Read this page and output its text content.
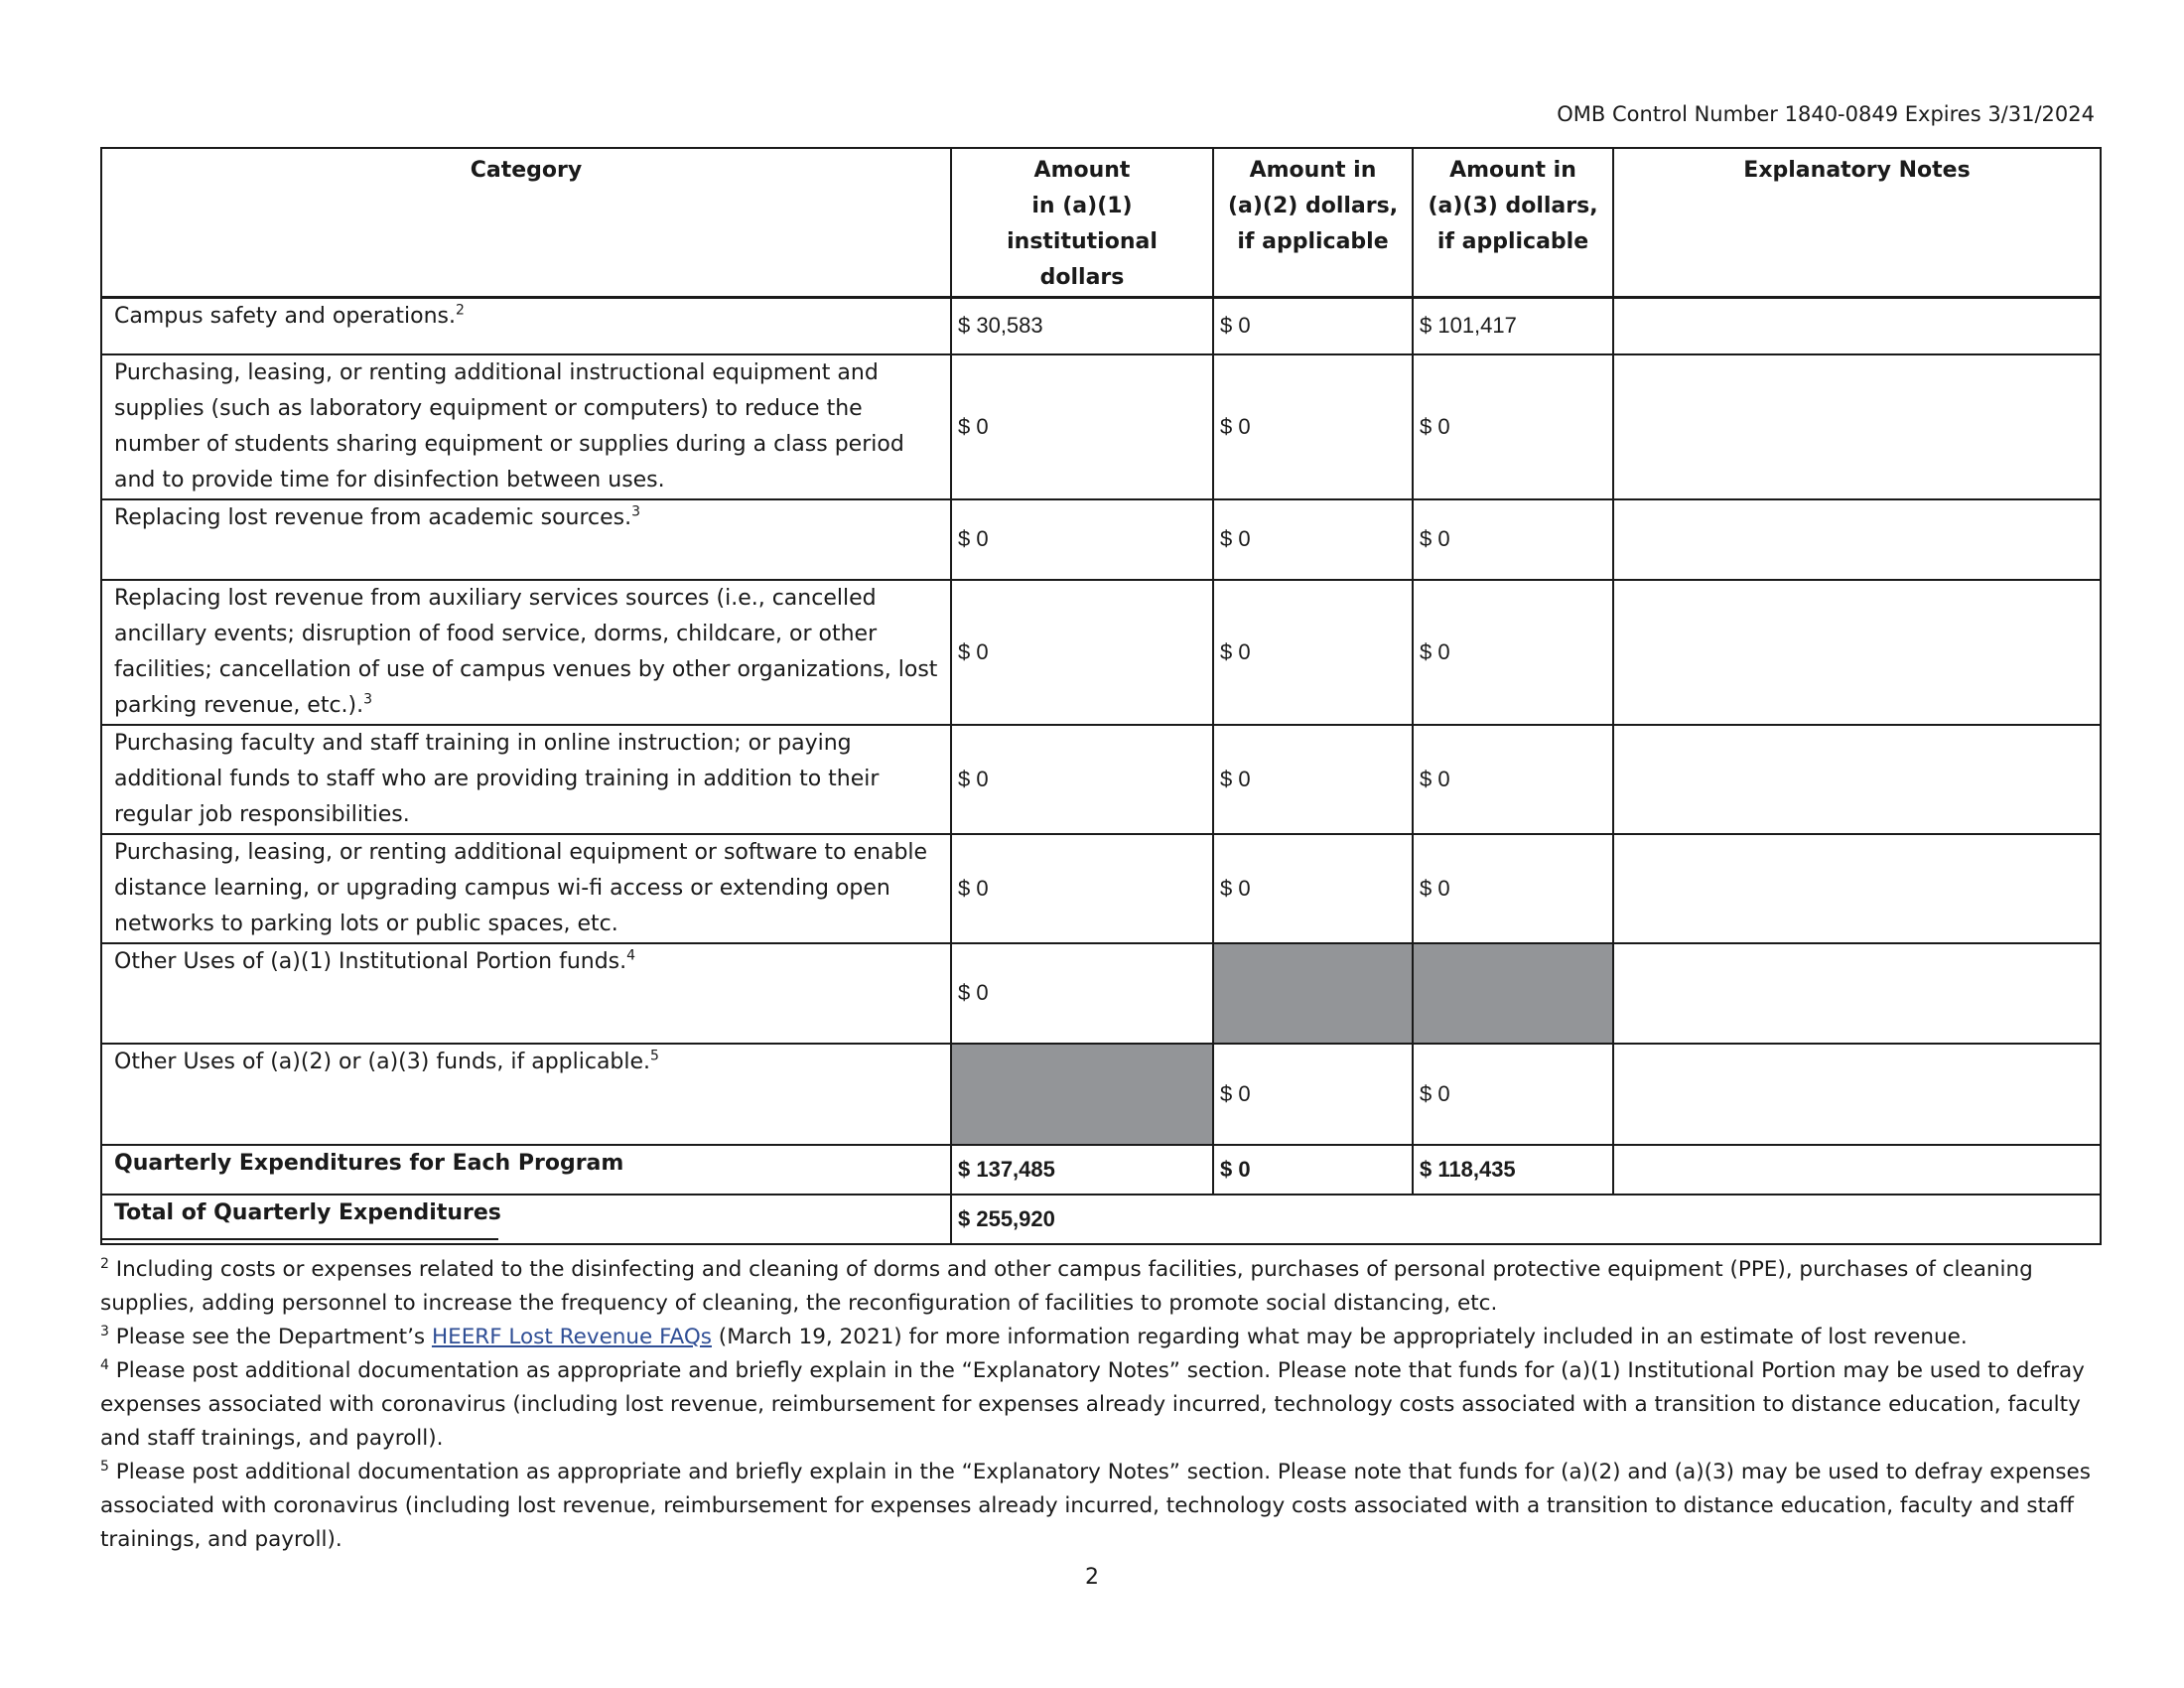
OMB Control Number 1840-0849 Expires 3/31/2024
Category	Amount
in (a)(1)
institutional dollars	Amount in
(a)(2) dollars,
if applicable	Amount in
(a)(3) dollars,
if applicable	Explanatory Notes
Campus safety and operations.$^2$	$ 30,583	$ 0	$ 101,417	
Purchasing, leasing, or renting additional instructional equipment and supplies (such as laboratory equipment or computers) to reduce the number of students sharing equipment or supplies during a class period and to provide time for disinfection between uses.	$ 0	$ 0	$ 0	
Replacing lost revenue from academic sources.$^3$	$ 0	$ 0	$ 0	
Replacing lost revenue from auxiliary services sources (i.e., cancelled ancillary events; disruption of food service, dorms, childcare, or other facilities; cancellation of use of campus venues by other organizations, lost parking revenue, etc.).$^3$	$ 0	$ 0	$ 0	
Purchasing faculty and staff training in online instruction; or paying additional funds to staff who are providing training in addition to their regular job responsibilities.	$ 0	$ 0	$ 0	
Purchasing, leasing, or renting additional equipment or software to enable distance learning, or upgrading campus wi-fi access or extending open networks to parking lots or public spaces, etc.	$ 0	$ 0	$ 0	
Other Uses of (a)(1) Institutional Portion funds.$^4$	$ 0			
Other Uses of (a)(2) or (a)(3) funds, if applicable.$^5$		$ 0	$ 0	
Quarterly Expenditures for Each Program	$ 137,485	$ 0	$ 118,435	
Total of Quarterly Expenditures	$ 255,920			

$^2$ Including costs or expenses related to the disinfecting and cleaning of dorms and other campus facilities, purchases of personal protective equipment (PPE), purchases of cleaning supplies, adding personnel to increase the frequency of cleaning, the reconfiguration of facilities to promote social distancing, etc.

$^3$ Please see the Department’s HEERF Lost Revenue FAQs (March 19, 2021) for more information regarding what may be appropriately included in an estimate of lost revenue.

$^4$ Please post additional documentation as appropriate and briefly explain in the “Explanatory Notes” section. Please note that funds for (a)(1) Institutional Portion may be used to defray expenses associated with coronavirus (including lost revenue, reimbursement for expenses already incurred, technology costs associated with a transition to distance education, faculty and staff trainings, and payroll).

$^5$ Please post additional documentation as appropriate and briefly explain in the “Explanatory Notes” section. Please note that funds for (a)(2) and (a)(3) may be used to defray expenses associated with coronavirus (including lost revenue, reimbursement for expenses already incurred, technology costs associated with a transition to distance education, faculty and staff trainings, and payroll).

2
